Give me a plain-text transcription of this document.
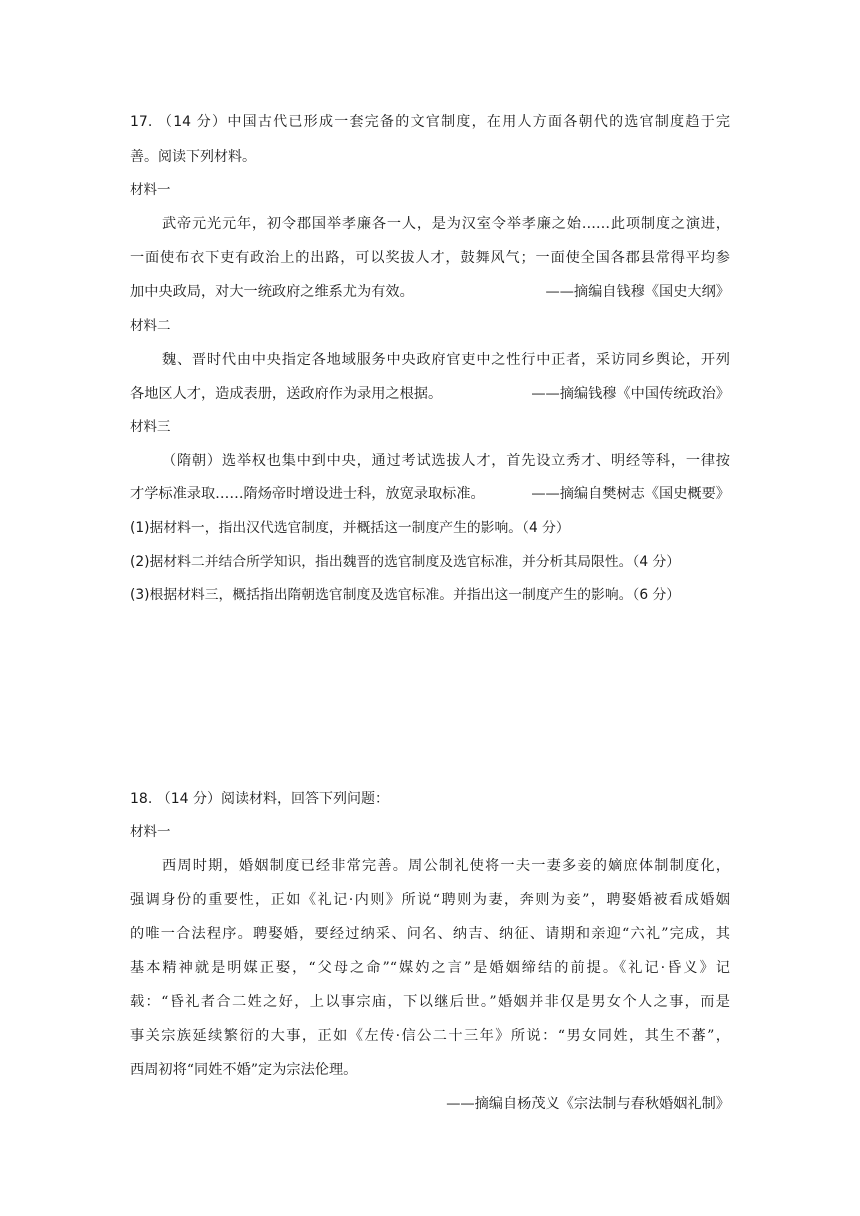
17. （14 分）中国古代已形成一套完备的文官制度，在用人方面各朝代的选官制度趋于完
善。阅读下列材料。
材料一
武帝元光元年，初令郡国举孝廉各一人，是为汉室令举孝廉之始……此项制度之演进，
一面使布衣下吏有政治上的出路，可以奖拔人才，鼓舞风气；一面使全国各郡县常得平均参
加中央政局，对大一统政府之维系尤为有效。	——摘编自钱穆《国史大纲》
材料二
魏、晋时代由中央指定各地域服务中央政府官吏中之性行中正者，采访同乡舆论，开列
各地区人才，造成表册，送政府作为录用之根据。	——摘编钱穆《中国传统政治》
材料三
（隋朝）选举权也集中到中央，通过考试选拔人才，首先设立秀才、明经等科，一律按
才学标准录取……隋炀帝时增设进士科，放宽录取标准。	——摘编自樊树志《国史概要》
(1)据材料一，指出汉代选官制度，并概括这一制度产生的影响。（4 分）
(2)据材料二并结合所学知识，指出魏晋的选官制度及选官标准，并分析其局限性。（4 分）
(3)根据材料三，概括指出隋朝选官制度及选官标准。并指出这一制度产生的影响。（6 分）
18. （14 分）阅读材料，回答下列问题：
材料一
西周时期，婚姻制度已经非常完善。周公制礼使将一夫一妻多妾的嫡庶体制制度化，
强调身份的重要性，正如《礼记·内则》所说“聘则为妻，奔则为妾”，聘娶婚被看成婚姻
的唯一合法程序。聘娶婚，要经过纳采、问名、纳吉、纳征、请期和亲迎“六礼”完成，其
基本精神就是明媒正娶，“父母之命”“媒妁之言”是婚姻缔结的前提。《礼记·昏义》记
载：“昏礼者合二姓之好，上以事宗庙，下以继后世。”婚姻并非仅是男女个人之事，而是
事关宗族延续繁衍的大事，正如《左传·信公二十三年》所说：“男女同姓，其生不蕃”，
西周初将“同姓不婚”定为宗法伦理。
——摘编自杨茂义《宗法制与春秋婚姻礼制》
